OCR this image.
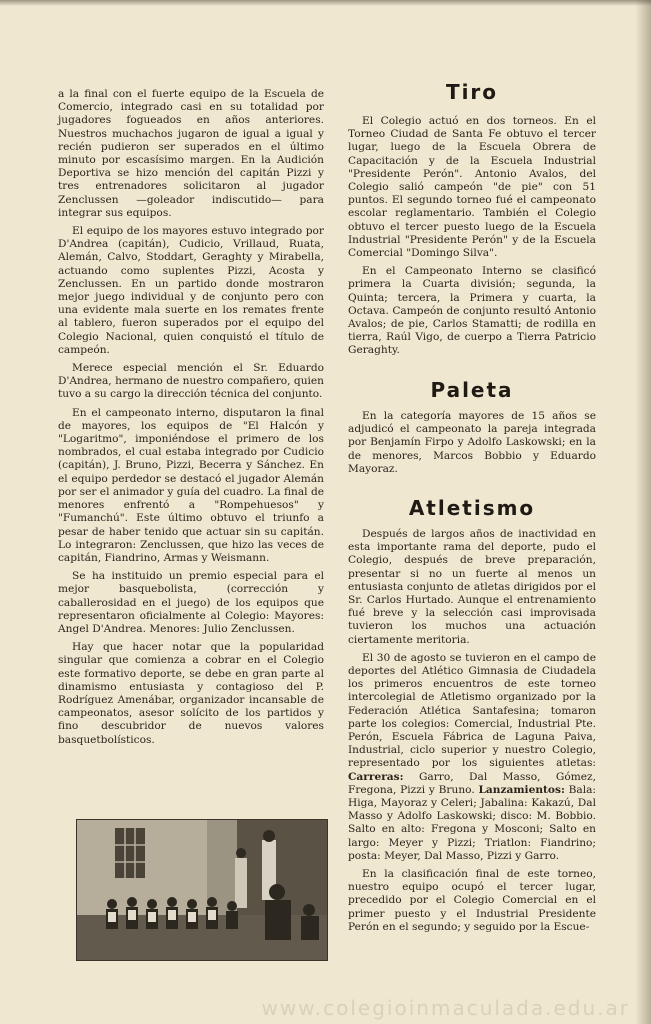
a la final con el fuerte equipo de la Escuela de Comercio, integrado casi en su totalidad por jugadores fogueados en años anteriores. Nuestros muchachos jugaron de igual a igual y recién pudieron ser superados en el último minuto por escasísimo margen. En la Audición Deportiva se hizo mención del capitán Pizzi y tres entrenadores solicitaron al jugador Zenclussen —goleador indiscutido— para integrar sus equipos.

El equipo de los mayores estuvo integrado por D'Andrea (capitán), Cudicio, Vrillaud, Ruata, Alemán, Calvo, Stoddart, Geraghty y Mirabella, actuando como suplentes Pizzi, Acosta y Zenclussen. En un partido donde mostraron mejor juego individual y de conjunto pero con una evidente mala suerte en los remates frente al tablero, fueron superados por el equipo del Colegio Nacional, quien conquistó el título de campeón.

Merece especial mención el Sr. Eduardo D'Andrea, hermano de nuestro compañero, quien tuvo a su cargo la dirección técnica del conjunto.

En el campeonato interno, disputaron la final de mayores, los equipos de "El Halcón y "Logaritmo", imponiéndose el primero de los nombrados, el cual estaba integrado por Cudicio (capitán), J. Bruno, Pizzi, Becerra y Sánchez. En el equipo perdedor se destacó el jugador Alemán por ser el animador y guía del cuadro. La final de menores enfrentó a "Rompehuesos" y "Fumanchú". Este último obtuvo el triunfo a pesar de haber tenido que actuar sin su capitán. Lo integraron: Zenclussen, que hizo las veces de capitán, Fiandrino, Armas y Weismann.

Se ha instituido un premio especial para el mejor basquebolista, (corrección y caballerosidad en el juego) de los equipos que representaron oficialmente al Colegio: Mayores: Angel D'Andrea. Menores: Julio Zenclussen.

Hay que hacer notar que la popularidad singular que comienza a cobrar en el Colegio este formativo deporte, se debe en gran parte al dinamismo entusiasta y contagioso del P. Rodríguez Amenábar, organizador incansable de campeonatos, asesor solícito de los partidos y fino descubridor de nuevos valores basquetbolísticos.

Tiro

El Colegio actuó en dos torneos. En el Torneo Ciudad de Santa Fe obtuvo el tercer lugar, luego de la Escuela Obrera de Capacitación y de la Escuela Industrial "Presidente Perón". Antonio Avalos, del Colegio salió campeón "de pie" con 51 puntos. El segundo torneo fué el campeonato escolar reglamentario. También el Colegio obtuvo el tercer puesto luego de la Escuela Industrial "Presidente Perón" y de la Escuela Comercial "Domingo Silva".

En el Campeonato Interno se clasificó primera la Cuarta división; segunda, la Quinta; tercera, la Primera y cuarta, la Octava. Campeón de conjunto resultó Antonio Avalos; de pie, Carlos Stamatti; de rodilla en tierra, Raúl Vigo, de cuerpo a Tierra Patricio Geraghty.

Paleta

En la categoría mayores de 15 años se adjudicó el campeonato la pareja integrada por Benjamín Firpo y Adolfo Laskowski; en la de menores, Marcos Bobbio y Eduardo Mayoraz.

Atletismo

Después de largos años de inactividad en esta importante rama del deporte, pudo el Colegio, después de breve preparación, presentar si no un fuerte al menos un entusiasta conjunto de atletas dirigidos por el Sr. Carlos Hurtado. Aunque el entrenamiento fué breve y la selección casi improvisada tuvieron los muchos una actuación ciertamente meritoria.

El 30 de agosto se tuvieron en el campo de deportes del Atlético Gimnasia de Ciudadela los primeros encuentros de este torneo intercolegial de Atletismo organizado por la Federación Atlética Santafesina; tomaron parte los colegios: Comercial, Industrial Pte. Perón, Escuela Fábrica de Laguna Paiva, Industrial, ciclo superior y nuestro Colegio, representado por los siguientes atletas: Carreras: Garro, Dal Masso, Gómez, Fregona, Pizzi y Bruno. Lanzamientos: Bala: Higa, Mayoraz y Celeri; Jabalina: Kakazú, Dal Masso y Adolfo Laskowski; disco: M. Bobbio. Salto en alto: Fregona y Mosconi; Salto en largo: Meyer y Pizzi; Triatlon: Fiandrino; posta: Meyer, Dal Masso, Pizzi y Garro.

En la clasificación final de este torneo, nuestro equipo ocupó el tercer lugar, precedido por el Colegio Comercial en el primer puesto y el Industrial Presidente Perón en el segundo; y seguido por la Escue-

www.colegioinmaculada.edu.ar
